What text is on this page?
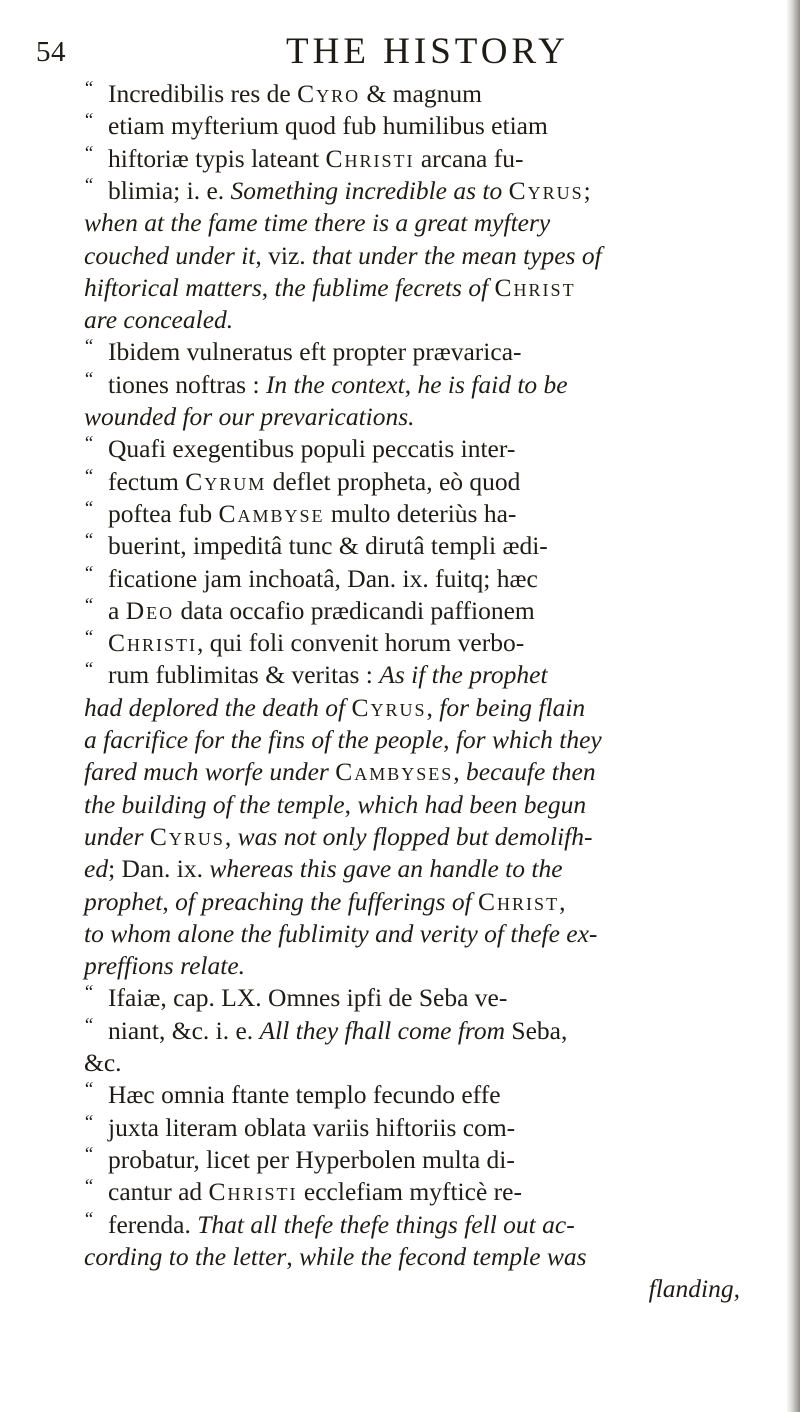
54	THE HISTORY
“ Incredibilis res de Cyro & magnum
“ etiam myfterium quod fub humilibus etiam
“ hiftoriæ typis lateant Christi arcana fu-
“ blimia; i. e. Something incredible as to Cyrus;
when at the fame time there is a great myftery
couched under it, viz. that under the mean types of
hiftorical matters, the fublime fecrets of Christ
are concealed.
“ Ibidem vulneratus eft propter prævarica-
“ tiones noftras : In the context, he is faid to be
wounded for our prevarications.
“ Quafi exegentibus populi peccatis inter-
“ fectum Cyrum deflet propheta, eò quod
“ poftea fub Cambyse multo deteriùs ha-
“ buerint, impeditâ tunc & dirutâ templi ædi-
“ ficatione jam inchoatâ, Dan. ix. fuitq; hæc
“ a Deo data occafio prædicandi paffionem
“ Christi, qui foli convenit horum verbo-
“ rum fublimitas & veritas : As if the prophet
had deplored the death of Cyrus, for being flain
a facrifice for the fins of the people, for which they
fared much worfe under Cambyses, becaufe then
the building of the temple, which had been begun
under Cyrus, was not only flopped but demolifh-
ed; Dan. ix. whereas this gave an handle to the
prophet, of preaching the fufferings of Christ,
to whom alone the fublimity and verity of thefe ex-
preffions relate.
“ Ifaiæ, cap. LX. Omnes ipfi de Seba ve-
“ niant, &c. i. e. All they fhall come from Seba,
&c.
“ Hæc omnia ftante templo fecundo effe
“ juxta literam oblata variis hiftoriis com-
“ probatur, licet per Hyperbolen multa di-
“ cantur ad Christi ecclefiam myfticè re-
“ ferenda. That all thefe thefe things fell out ac-
cording to the letter, while the fecond temple was
flanding,
